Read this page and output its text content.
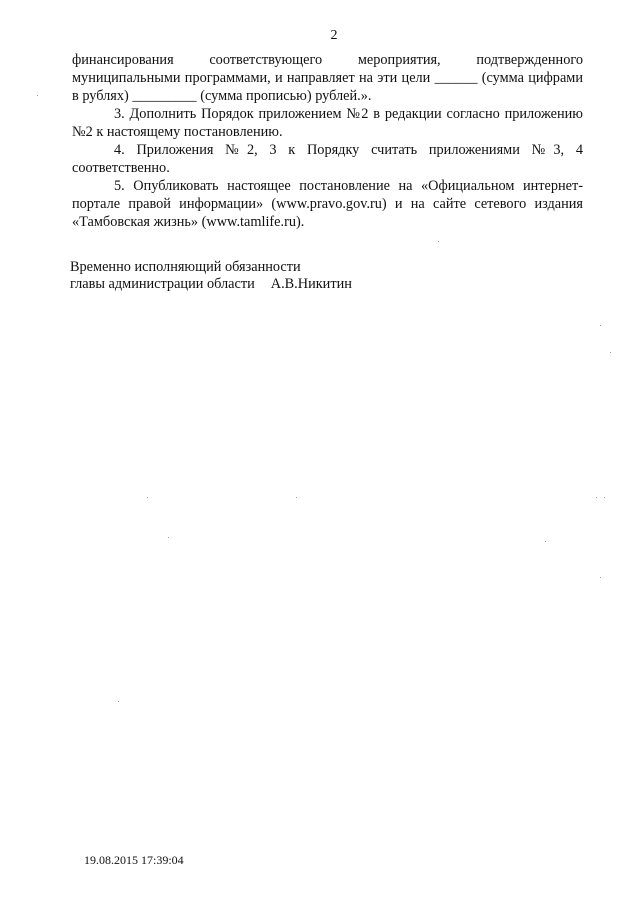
2

финансирования соответствующего мероприятия, подтвержденного муниципальными программами, и направляет на эти цели ______ (сумма цифрами в рублях) _________ (сумма прописью) рублей.».

3. Дополнить Порядок приложением №2 в редакции согласно приложению №2 к настоящему постановлению.

4. Приложения №2, 3 к Порядку считать приложениями №3, 4 соответственно.

5. Опубликовать настоящее постановление на «Официальном интернет-портале правой информации» (www.pravo.gov.ru) и на сайте сетевого издания «Тамбовская жизнь» (www.tamlife.ru).

Временно исполняющий обязанности
главы администрации области А.В.Никитин
19.08.2015 17:39:04
